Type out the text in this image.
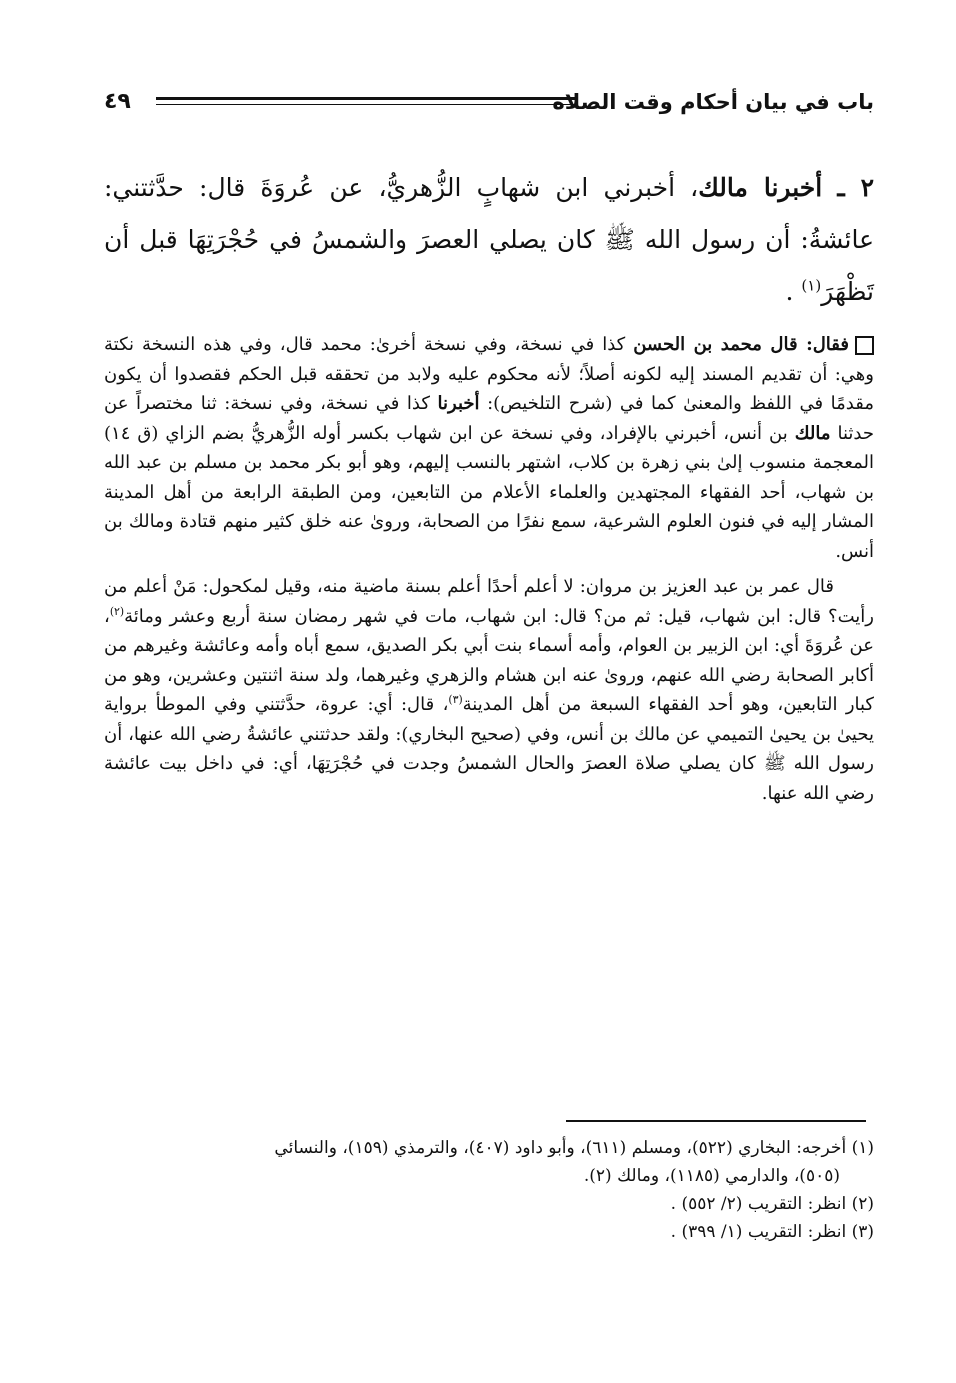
باب في بيان أحكام وقت الصلاة
٤٩
٢ ـ أخبرنا مالك، أخبرني ابن شهابٍ الزُّهريُّ، عن عُروَةَ قال: حدَّثتني: عائشةُ: أن رسول الله ﷺ كان يصلي العصرَ والشمسُ في حُجْرَتِهَا قبل أن تَظْهَرَ$^{(١)}$ .

فقال: قال محمد بن الحسن كذا في نسخة، وفي نسخة أخرىٰ: محمد قال، وفي هذه النسخة نكتة وهي: أن تقديم المسند إليه لكونه أصلاً؛ لأنه محكوم عليه ولابد من تحققه قبل الحكم فقصدوا أن يكون مقدمًا في اللفظ والمعنىٰ كما في (شرح التلخيص): أخبرنا كذا في نسخة، وفي نسخة: ثنا مختصراً عن حدثنا مالك بن أنس، أخبرني بالإفراد، وفي نسخة عن ابن شهاب بكسر أوله الزُّهريُّ بضم الزاي (ق ١٤) المعجمة منسوب إلىٰ بني زهرة بن كلاب، اشتهر بالنسب إليهم، وهو أبو بكر محمد بن مسلم بن عبد الله بن شهاب، أحد الفقهاء المجتهدين والعلماء الأعلام من التابعين، ومن الطبقة الرابعة من أهل المدينة المشار إليه في فنون العلوم الشرعية، سمع نفرًا من الصحابة، وروىٰ عنه خلق كثير منهم قتادة ومالك بن أنس.

قال عمر بن عبد العزيز بن مروان: لا أعلم أحدًا أعلم بسنة ماضية منه، وقيل لمكحول: مَنْ أعلم من رأيت؟ قال: ابن شهاب، قيل: ثم من؟ قال: ابن شهاب، مات في شهر رمضان سنة أربع وعشر ومائة$^{(٢)}$، عن عُروَةَ أي: ابن الزبير بن العوام، وأمه أسماء بنت أبي بكر الصديق، سمع أباه وأمه وعائشة وغيرهم من أكابر الصحابة رضي الله عنهم، وروىٰ عنه ابن هشام والزهري وغيرهما، ولد سنة اثنتين وعشرين، وهو من كبار التابعين، وهو أحد الفقهاء السبعة من أهل المدينة$^{(٣)}$، قال: أي: عروة، حدَّثتني وفي الموطأ برواية يحيىٰ بن يحيىٰ التميمي عن مالك بن أنس، وفي (صحيح البخاري): ولقد حدثتني عائشةُ رضي الله عنها، أن رسول الله ﷺ كان يصلي صلاة العصرَ والحال الشمسُ وجدت في حُجْرَتِهَا، أي: في داخل بيت عائشة رضي الله عنها.

(١) أخرجه: البخاري (٥٢٢)، ومسلم (٦١١)، وأبو داود (٤٠٧)، والترمذي (١٥٩)، والنسائي

(٥٠٥)، والدارمي (١١٨٥)، ومالك (٢).

(٢) انظر: التقريب (٢/ ٥٥٢) .

(٣) انظر: التقريب (١/ ٣٩٩) .
